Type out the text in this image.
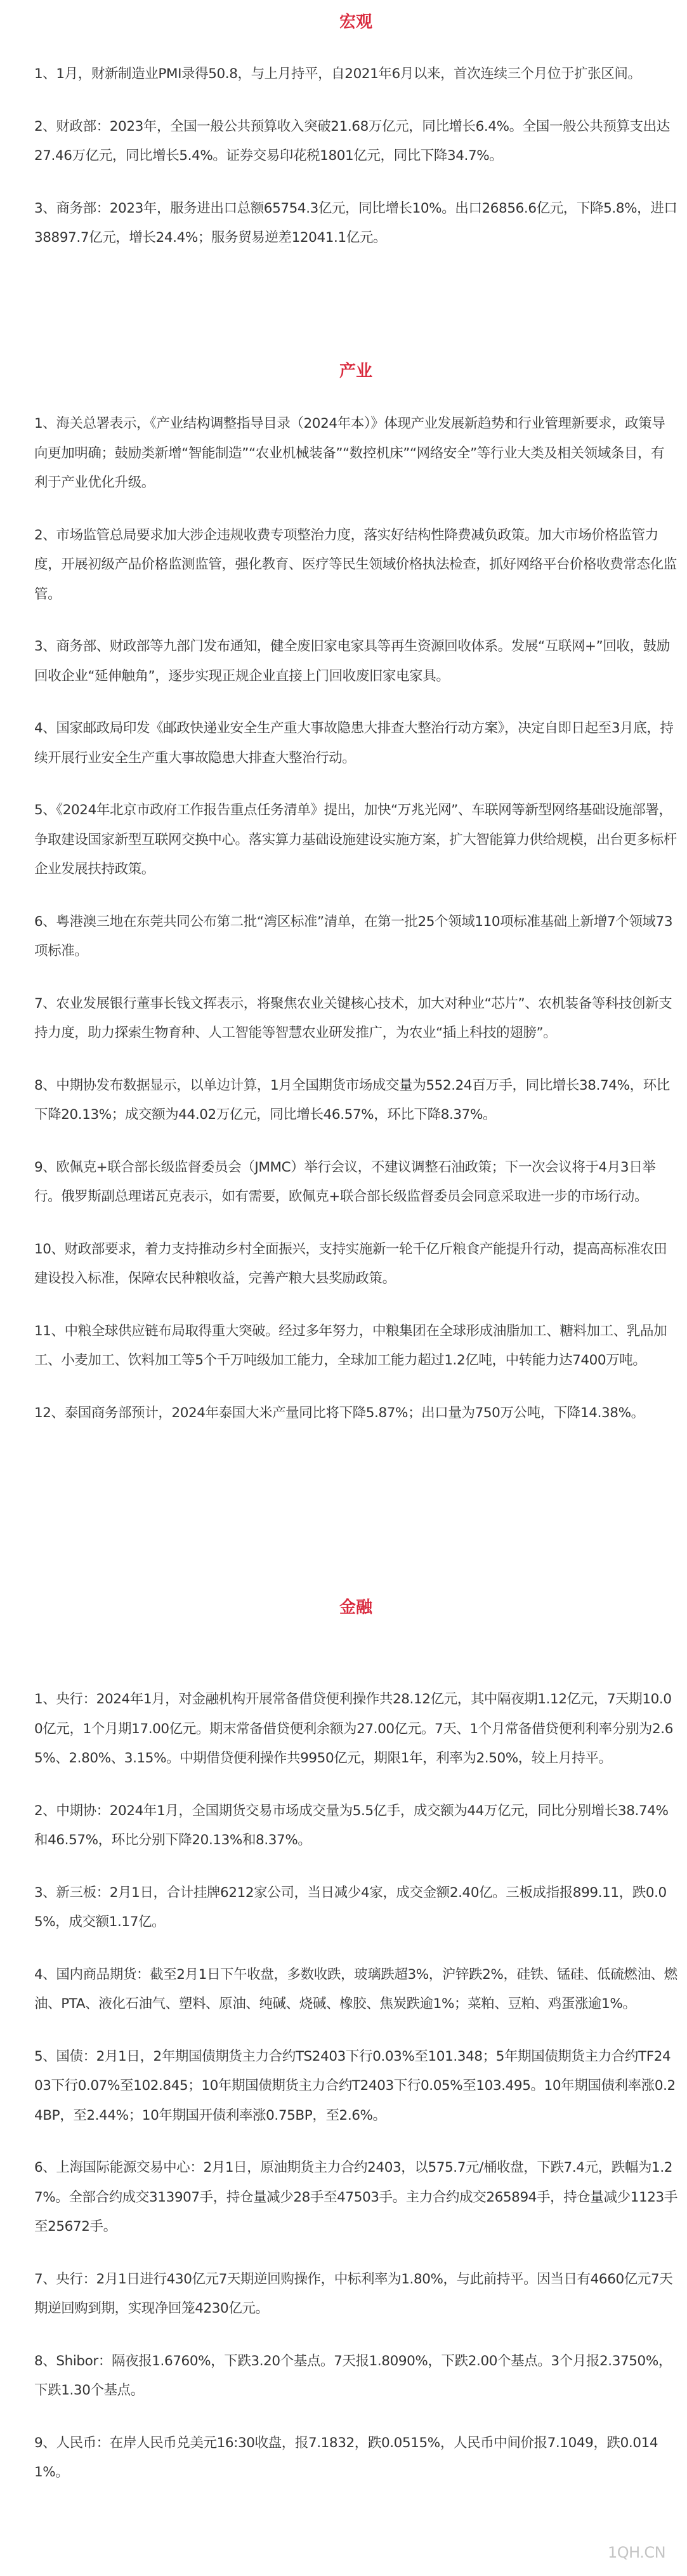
宏观

1、1月，财新制造业PMI录得50.8，与上月持平，自2021年6月以来，首次连续三个月位于扩张区间。

2、财政部：2023年，全国一般公共预算收入突破21.68万亿元，同比增长6.4%。全国一般公共预算支出达27.46万亿元，同比增长5.4%。证券交易印花税1801亿元，同比下降34.7%。

3、商务部：2023年，服务进出口总额65754.3亿元，同比增长10%。出口26856.6亿元，下降5.8%，进口38897.7亿元，增长24.4%；服务贸易逆差12041.1亿元。

产业

1、海关总署表示，《产业结构调整指导目录（2024年本）》体现产业发展新趋势和行业管理新要求，政策导向更加明确；鼓励类新增“智能制造”“农业机械装备”“数控机床”“网络安全”等行业大类及相关领域条目，有利于产业优化升级。

2、市场监管总局要求加大涉企违规收费专项整治力度，落实好结构性降费减负政策。加大市场价格监管力度，开展初级产品价格监测监管，强化教育、医疗等民生领域价格执法检查，抓好网络平台价格收费常态化监管。

3、商务部、财政部等九部门发布通知，健全废旧家电家具等再生资源回收体系。发展“互联网+”回收，鼓励回收企业“延伸触角”，逐步实现正规企业直接上门回收废旧家电家具。

4、国家邮政局印发《邮政快递业安全生产重大事故隐患大排查大整治行动方案》，决定自即日起至3月底，持续开展行业安全生产重大事故隐患大排查大整治行动。

5、《2024年北京市政府工作报告重点任务清单》提出，加快“万兆光网”、车联网等新型网络基础设施部署，争取建设国家新型互联网交换中心。落实算力基础设施建设实施方案，扩大智能算力供给规模，出台更多标杆企业发展扶持政策。

6、粤港澳三地在东莞共同公布第二批“湾区标准”清单，在第一批25个领域110项标准基础上新增7个领域73项标准。

7、农业发展银行董事长钱文挥表示，将聚焦农业关键核心技术，加大对种业“芯片”、农机装备等科技创新支持力度，助力探索生物育种、人工智能等智慧农业研发推广，为农业“插上科技的翅膀”。

8、中期协发布数据显示，以单边计算，1月全国期货市场成交量为552.24百万手，同比增长38.74%，环比下降20.13%；成交额为44.02万亿元，同比增长46.57%，环比下降8.37%。

9、欧佩克+联合部长级监督委员会（JMMC）举行会议，不建议调整石油政策；下一次会议将于4月3日举行。俄罗斯副总理诺瓦克表示，如有需要，欧佩克+联合部长级监督委员会同意采取进一步的市场行动。

10、财政部要求，着力支持推动乡村全面振兴，支持实施新一轮千亿斤粮食产能提升行动，提高高标准农田建设投入标准，保障农民种粮收益，完善产粮大县奖励政策。

11、中粮全球供应链布局取得重大突破。经过多年努力，中粮集团在全球形成油脂加工、糖料加工、乳品加工、小麦加工、饮料加工等5个千万吨级加工能力，全球加工能力超过1.2亿吨，中转能力达7400万吨。

12、泰国商务部预计，2024年泰国大米产量同比将下降5.87%；出口量为750万公吨，下降14.38%。

金融

1、央行：2024年1月，对金融机构开展常备借贷便利操作共28.12亿元，其中隔夜期1.12亿元，7天期10.00亿元，1个月期17.00亿元。期末常备借贷便利余额为27.00亿元。7天、1个月常备借贷便利利率分别为2.65%、2.80%、3.15%。中期借贷便利操作共9950亿元，期限1年，利率为2.50%，较上月持平。

2、中期协：2024年1月，全国期货交易市场成交量为5.5亿手，成交额为44万亿元，同比分别增长38.74%和46.57%，环比分别下降20.13%和8.37%。

3、新三板：2月1日，合计挂牌6212家公司，当日减少4家，成交金额2.40亿。三板成指报899.11，跌0.05%，成交额1.17亿。

4、国内商品期货：截至2月1日下午收盘，多数收跌，玻璃跌超3%，沪锌跌2%，硅铁、锰硅、低硫燃油、燃油、PTA、液化石油气、塑料、原油、纯碱、烧碱、橡胶、焦炭跌逾1%；菜粕、豆粕、鸡蛋涨逾1%。

5、国债：2月1日，2年期国债期货主力合约TS2403下行0.03%至101.348；5年期国债期货主力合约TF2403下行0.07%至102.845；10年期国债期货主力合约T2403下行0.05%至103.495。10年期国债利率涨0.24BP，至2.44%；10年期国开债利率涨0.75BP，至2.6%。

6、上海国际能源交易中心：2月1日，原油期货主力合约2403，以575.7元/桶收盘，下跌7.4元，跌幅为1.27%。全部合约成交313907手，持仓量减少28手至47503手。主力合约成交265894手，持仓量减少1123手至25672手。

7、央行：2月1日进行430亿元7天期逆回购操作，中标利率为1.80%，与此前持平。因当日有4660亿元7天期逆回购到期，实现净回笼4230亿元。

8、Shibor：隔夜报1.6760%，下跌3.20个基点。7天报1.8090%，下跌2.00个基点。3个月报2.3750%，下跌1.30个基点。

9、人民币：在岸人民币兑美元16:30收盘，报7.1832，跌0.0515%，人民币中间价报7.1049，跌0.0141%。

1QH.CN
